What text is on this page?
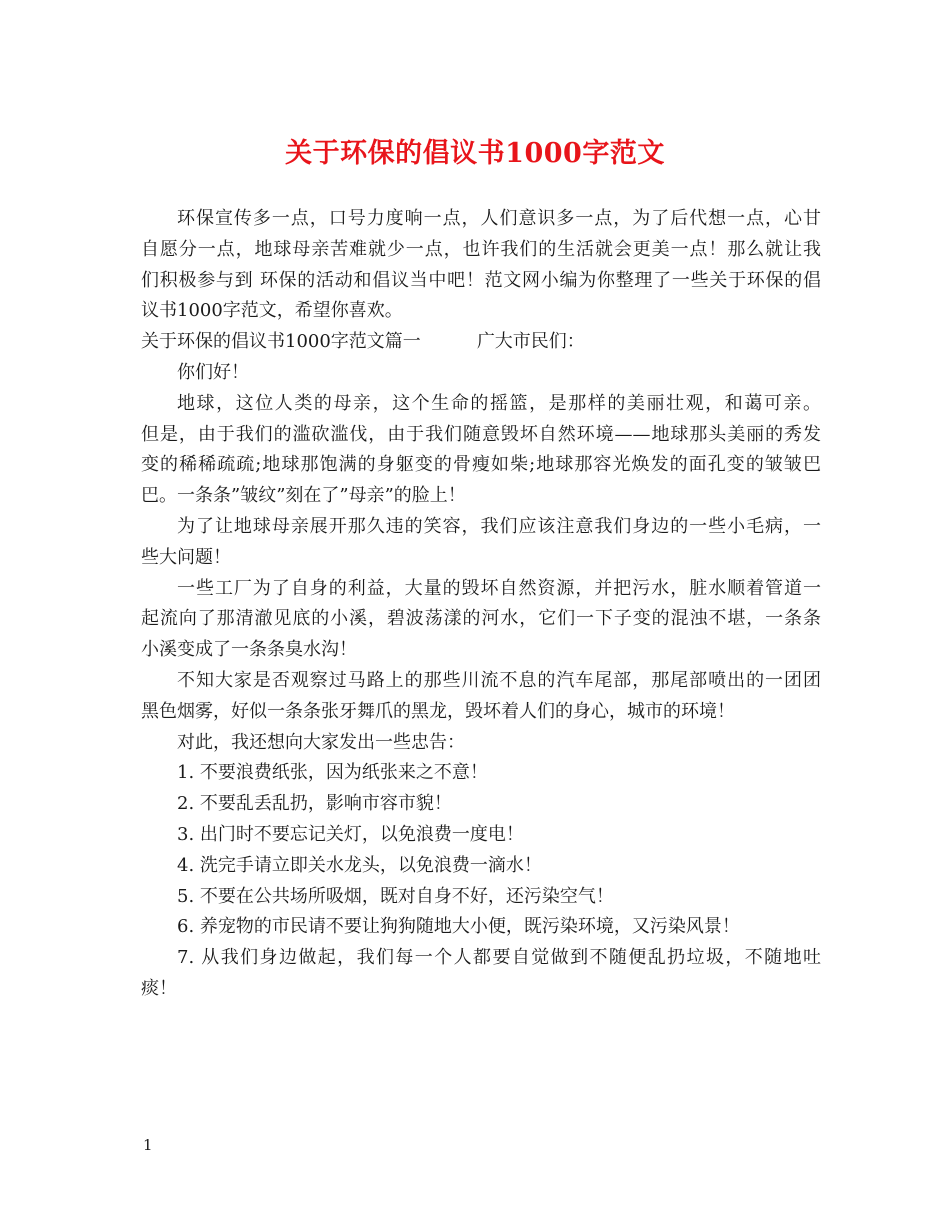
关于环保的倡议书1000字范文
环保宣传多一点，口号力度响一点，人们意识多一点，为了后代想一点，心甘
自愿分一点，地球母亲苦难就少一点，也许我们的生活就会更美一点！那么就让我
们积极参与到 环保的活动和倡议当中吧！范文网小编为你整理了一些关于环保的倡
议书1000字范文，希望你喜欢。
关于环保的倡议书1000字范文篇一	广大市民们：
你们好！
地球，这位人类的母亲，这个生命的摇篮，是那样的美丽壮观，和蔼可亲。
但是，由于我们的滥砍滥伐，由于我们随意毁坏自然环境——地球那头美丽的秀发
变的稀稀疏疏;地球那饱满的身躯变的骨瘦如柴;地球那容光焕发的面孔变的皱皱巴
巴。一条条”皱纹”刻在了”母亲”的脸上！
为了让地球母亲展开那久违的笑容，我们应该注意我们身边的一些小毛病，一
些大问题！
一些工厂为了自身的利益，大量的毁坏自然资源，并把污水，脏水顺着管道一
起流向了那清澈见底的小溪，碧波荡漾的河水，它们一下子变的混浊不堪，一条条
小溪变成了一条条臭水沟！
不知大家是否观察过马路上的那些川流不息的汽车尾部，那尾部喷出的一团团
黑色烟雾，好似一条条张牙舞爪的黑龙，毁坏着人们的身心，城市的环境！
对此，我还想向大家发出一些忠告：
1. 不要浪费纸张，因为纸张来之不意！
2. 不要乱丢乱扔，影响市容市貌！
3. 出门时不要忘记关灯，以免浪费一度电！
4. 洗完手请立即关水龙头，以免浪费一滴水！
5. 不要在公共场所吸烟，既对自身不好，还污染空气！
6. 养宠物的市民请不要让狗狗随地大小便，既污染环境，又污染风景！
7. 从我们身边做起，我们每一个人都要自觉做到不随便乱扔垃圾，不随地吐
痰！
1
